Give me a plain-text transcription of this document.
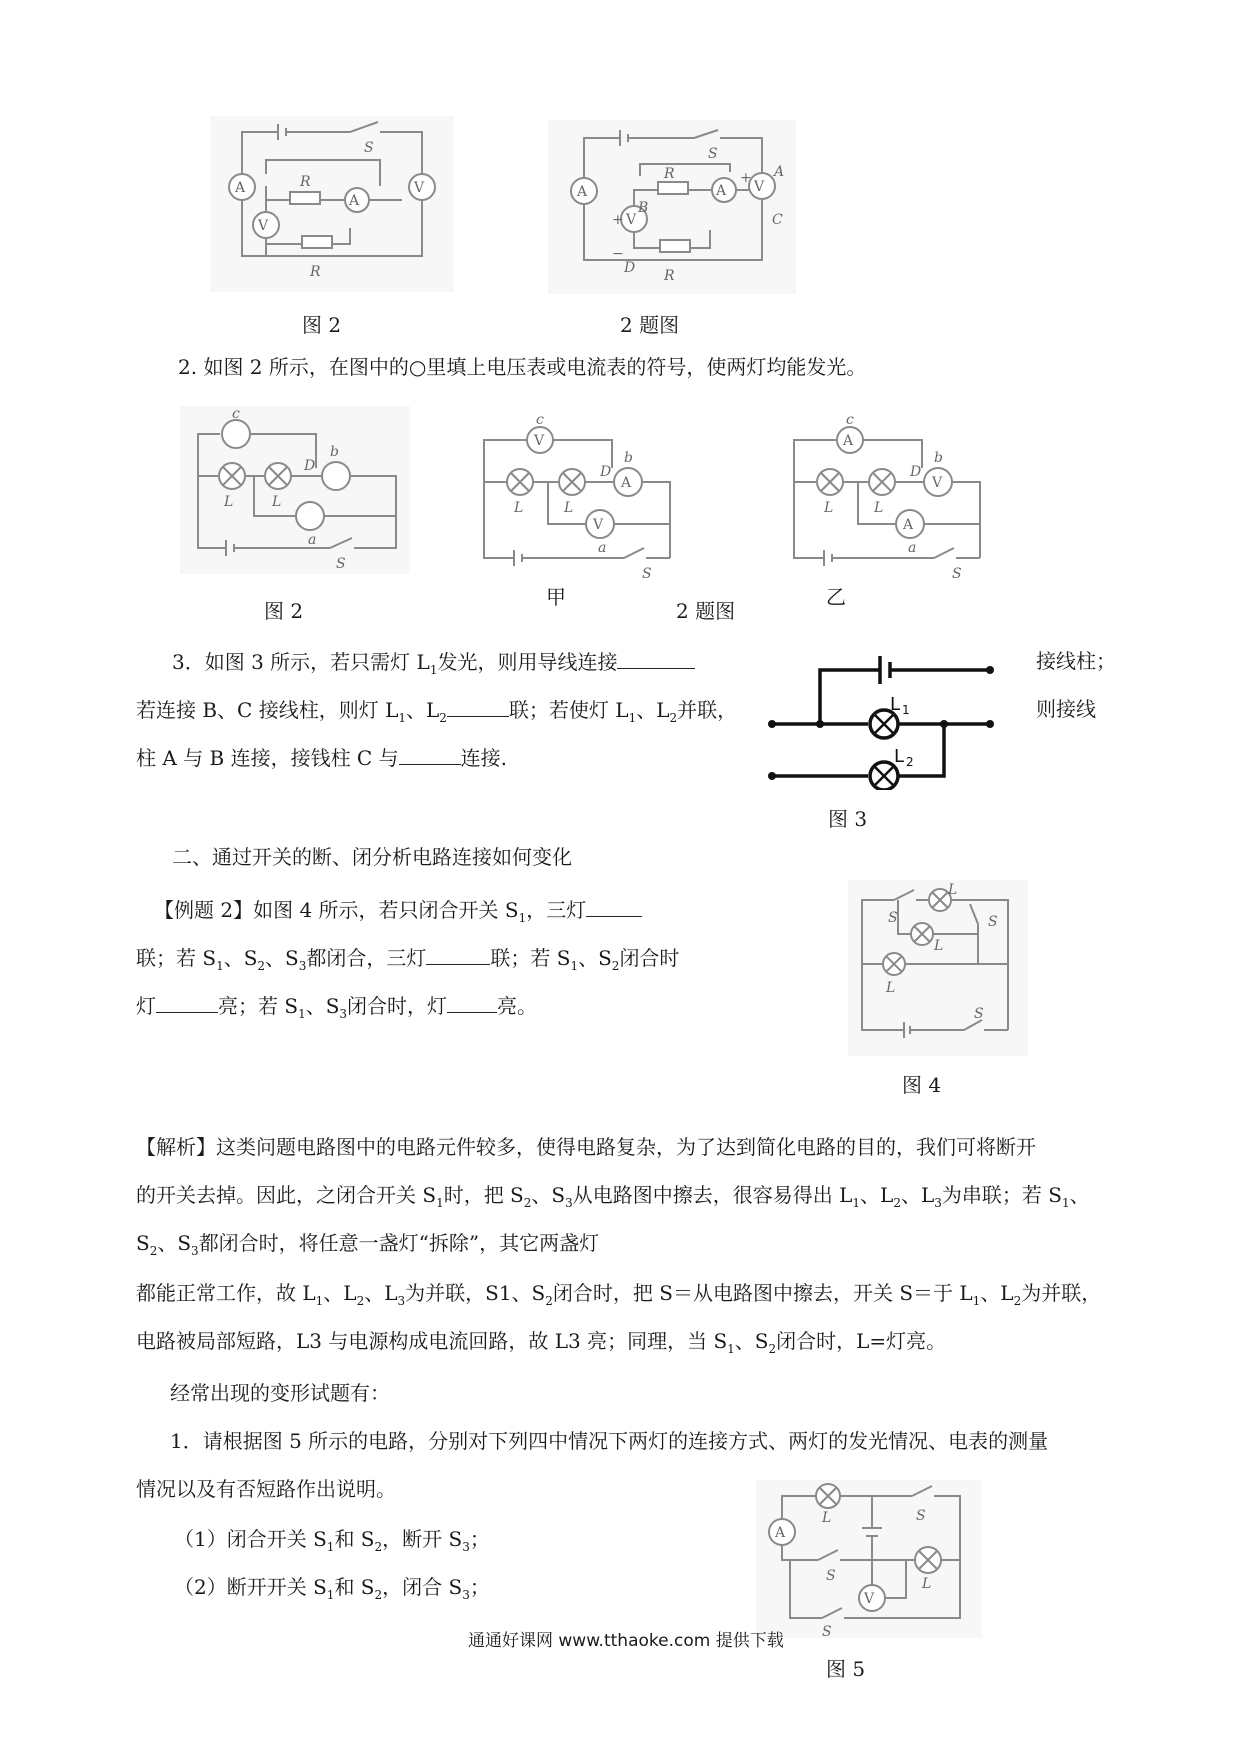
A
V
A
V
S
R
R
A
V
A V
S
R
R
A
B
C
D
+
+
−
图 2	2 题图
2. 如图 2 所示，在图中的○里填上电压表或电流表的符号，使两灯均能发光。
c
b
D
L	L
a
S
V
A
V
c
b
D
L	L
a
S
A
V
A
c
b
D
L	L
a
S
图 2
甲
2 题图
乙
3．如图 3 所示，若只需灯 $L_1$发光，则用导线连接	接线柱；
若连接 B、C 接线柱，则灯 $L_1$、$L_2$	联；若使灯 $L_1$、$L_2$并联，	则接线
柱 A 与 B 连接，接钱柱 C 与	连接.
L 1
L 2
图 3
二、通过开关的断、闭分析电路连接如何变化
【例题 2】如图 4 所示，若只闭合开关 $S_1$，三灯
联；若 $S_1$、$S_2$、$S_3$都闭合，三灯	联；若 $S_1$、$S_2$闭合时
灯	亮；若 $S_1$、$S_3$闭合时，灯	亮。
S
L
L
S
L
S
图 4
【解析】这类问题电路图中的电路元件较多，使得电路复杂，为了达到简化电路的目的，我们可将断开
的开关去掉。因此，之闭合开关 $S_1$时，把 $S_2$、$S_3$从电路图中擦去，很容易得出 $L_1$、$L_2$、$L_3$为串联；若 $S_1$、
$S_2$、$S_3$都闭合时，将任意一盏灯“拆除”，其它两盏灯
都能正常工作，故 $L_1$、$L_2$、$L_3$为并联，S1、$S_2$闭合时，把 S＝从电路图中擦去，开关 S＝于 $L_1$、$L_2$为并联，
电路被局部短路，L3 与电源构成电流回路，故 L3 亮；同理，当 $S_1$、$S_2$闭合时，L=灯亮。
经常出现的变形试题有：
1．请根据图 5 所示的电路，分别对下列四中情况下两灯的连接方式、两灯的发光情况、电表的测量
情况以及有否短路作出说明。
（1）闭合开关 $S_1$和 $S_2$，断开 $S_3$；
（2）断开开关 $S_1$和 $S_2$，闭合 $S_3$；
A
V
L	S
S	L
S
通通好课网 www.tthaoke.com 提供下载
图 5
